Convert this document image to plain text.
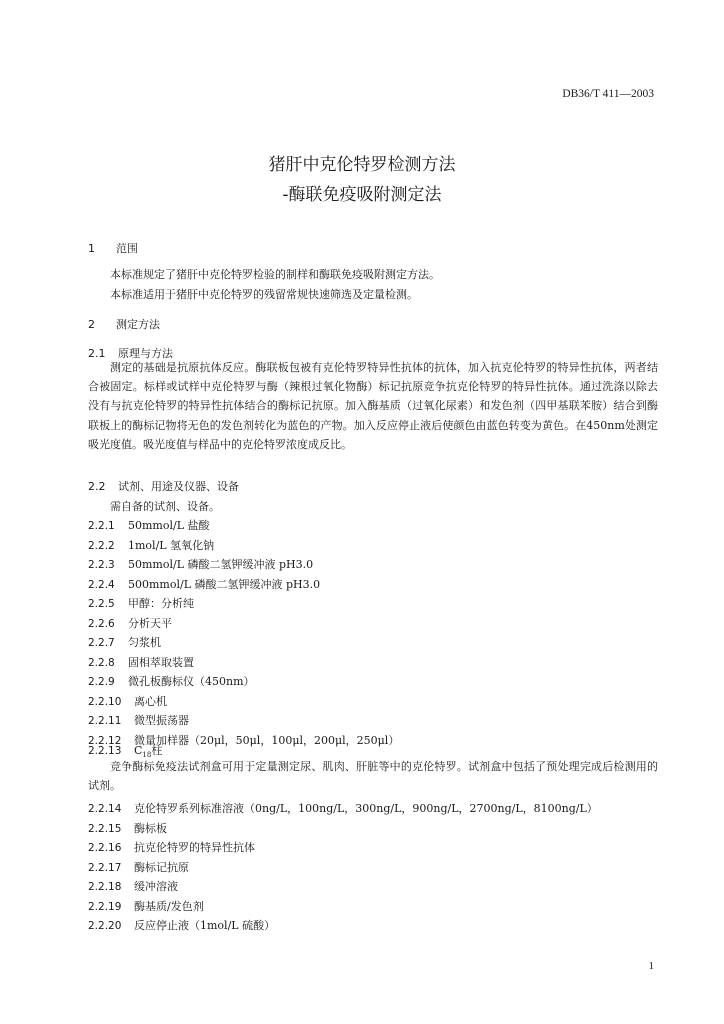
DB36/T 411—2003
猪肝中克伦特罗检测方法
-酶联免疫吸附测定法
1 范围
本标准规定了猪肝中克伦特罗检验的制样和酶联免疫吸附测定方法。
本标准适用于猪肝中克伦特罗的残留常规快速筛选及定量检测。
2 测定方法
2.1 原理与方法
测定的基础是抗原抗体反应。酶联板包被有克伦特罗特异性抗体的抗体，加入抗克伦特罗的特异性抗体，两者结合被固定。标样或试样中克伦特罗与酶（辣根过氧化物酶）标记抗原竞争抗克伦特罗的特异性抗体。通过洗涤以除去没有与抗克伦特罗的特异性抗体结合的酶标记抗原。加入酶基质（过氧化尿素）和发色剂（四甲基联苯胺）结合到酶联板上的酶标记物将无色的发色剂转化为蓝色的产物。加入反应停止液后使颜色由蓝色转变为黄色。在450nm处测定吸光度值。吸光度值与样品中的克伦特罗浓度成反比。
2.2 试剂、用途及仪器、设备
需自备的试剂、设备。
2.2.1 50mmol/L 盐酸
2.2.2 1mol/L 氢氧化钠
2.2.3 50mmol/L 磷酸二氢钾缓冲液 pH3.0
2.2.4 500mmol/L 磷酸二氢钾缓冲液 pH3.0
2.2.5 甲醇：分析纯
2.2.6 分析天平
2.2.7 匀浆机
2.2.8 固相萃取装置
2.2.9 微孔板酶标仪（450nm）
2.2.10 离心机
2.2.11 微型振荡器
2.2.12 微量加样器（20μl，50μl，100μl，200μl，250μl）
2.2.13 $C_{18}$柱
竞争酶标免疫法试剂盒可用于定量测定尿、肌肉、肝脏等中的克伦特罗。试剂盒中包括了预处理完成后检测用的试剂。
2.2.14 克伦特罗系列标准溶液（0ng/L，100ng/L，300ng/L，900ng/L，2700ng/L，8100ng/L）
2.2.15 酶标板
2.2.16 抗克伦特罗的特异性抗体
2.2.17 酶标记抗原
2.2.18 缓冲溶液
2.2.19 酶基质/发色剂
2.2.20 反应停止液（1mol/L 硫酸）
1
